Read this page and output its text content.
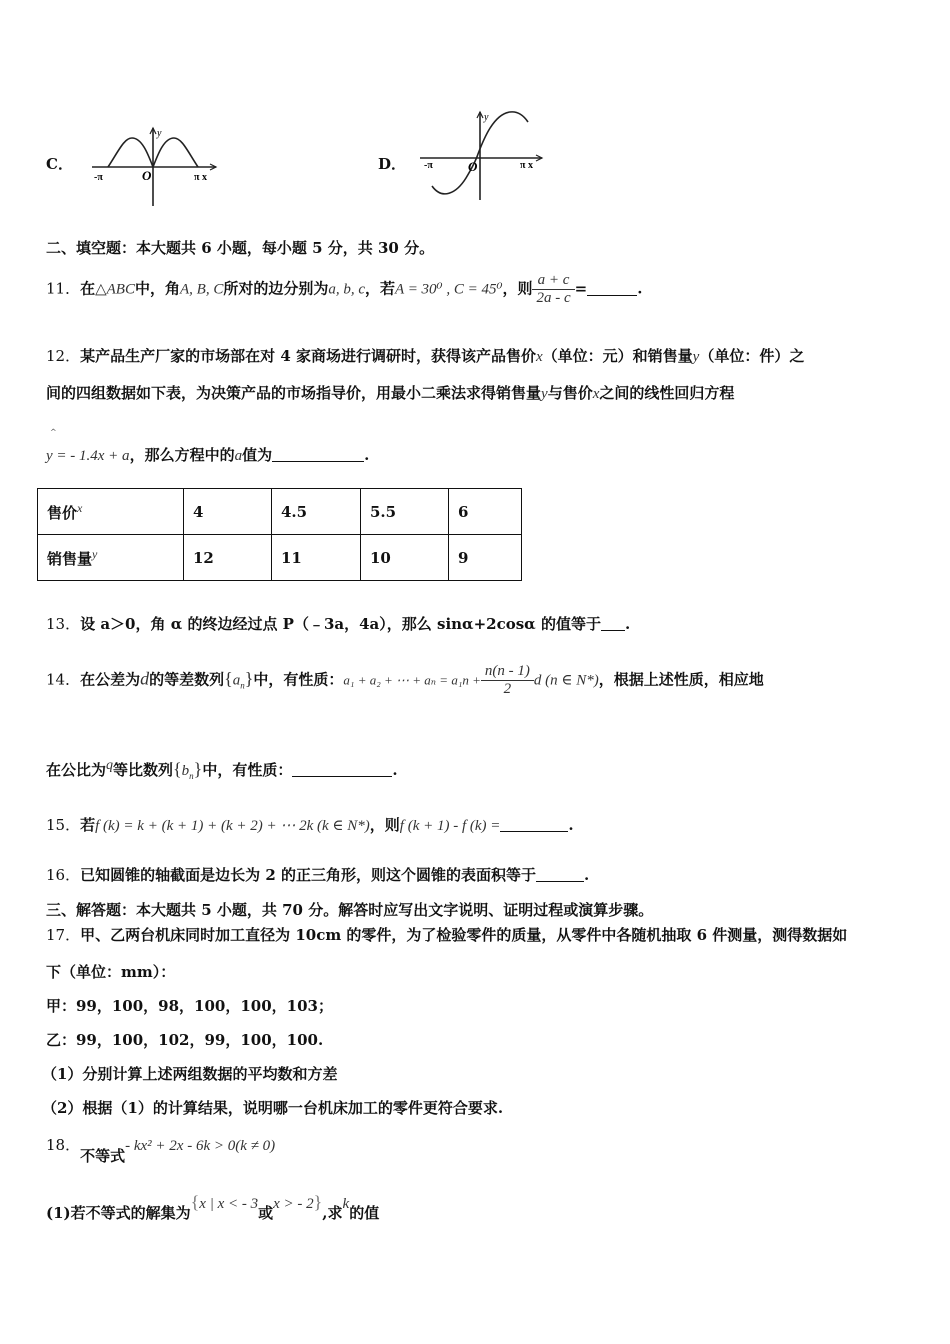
C．
y
O
-π	π x
D．
y
O
-π	π x
二、填空题：本大题共 6 小题，每小题 5 分，共 30 分。
11．在△ABC中，角A, B, C所对的边分别为a, b, c，若A = 30⁰ , C = 45⁰，则 $\frac{a + c}{2a - c}$ =	.
12．某产品生产厂家的市场部在对 4 家商场进行调研时，获得该产品售价x（单位：元）和销售量y（单位：件）之
间的四组数据如下表，为决策产品的市场指导价，用最小二乘法求得销售量y与售价x之间的线性回归方程
^
y = - 1.4x + a，那么方程中的a值为	.
售价$^x$	4	4.5	5.5	6
销售量$^y$	12	11	10	9
13．设 a＞0，角 α 的终边经过点 P（﹣3a，4a），那么 sinα+2cosα 的值等于 .
14．在公差为d的等差数列$\{a_n\}$中，有性质：a₁ + a₂ + ⋯ + $a_n = a_1n + \frac{n(n - 1)}{2}$ d (n ∈ N*)，根据上述性质，相应地
在公比为$^q$等比数列$\{b_n\}$中，有性质：	.
15．若f (k) = k + (k + 1) + (k + 2) + ⋯ 2k (k ∈ N*)，则f (k + 1) - f (k) =	.
16．已知圆锥的轴截面是边长为 2 的正三角形，则这个圆锥的表面积等于	.
三、解答题：本大题共 5 小题，共 70 分。解答时应写出文字说明、证明过程或演算步骤。
17．甲、乙两台机床同时加工直径为 10cm 的零件，为了检验零件的质量，从零件中各随机抽取 6 件测量，测得数据如
下（单位：mm）：
甲：99，100，98，100，100，103；
乙：99，100，102，99，100，100.
（1）分别计算上述两组数据的平均数和方差
（2）根据（1）的计算结果，说明哪一台机床加工的零件更符合要求.
18．不等式- kx² + 2x - 6k > 0(k ≠ 0)
(1)若不等式的解集为{x | x < - 3或x > - 2},求k的值
